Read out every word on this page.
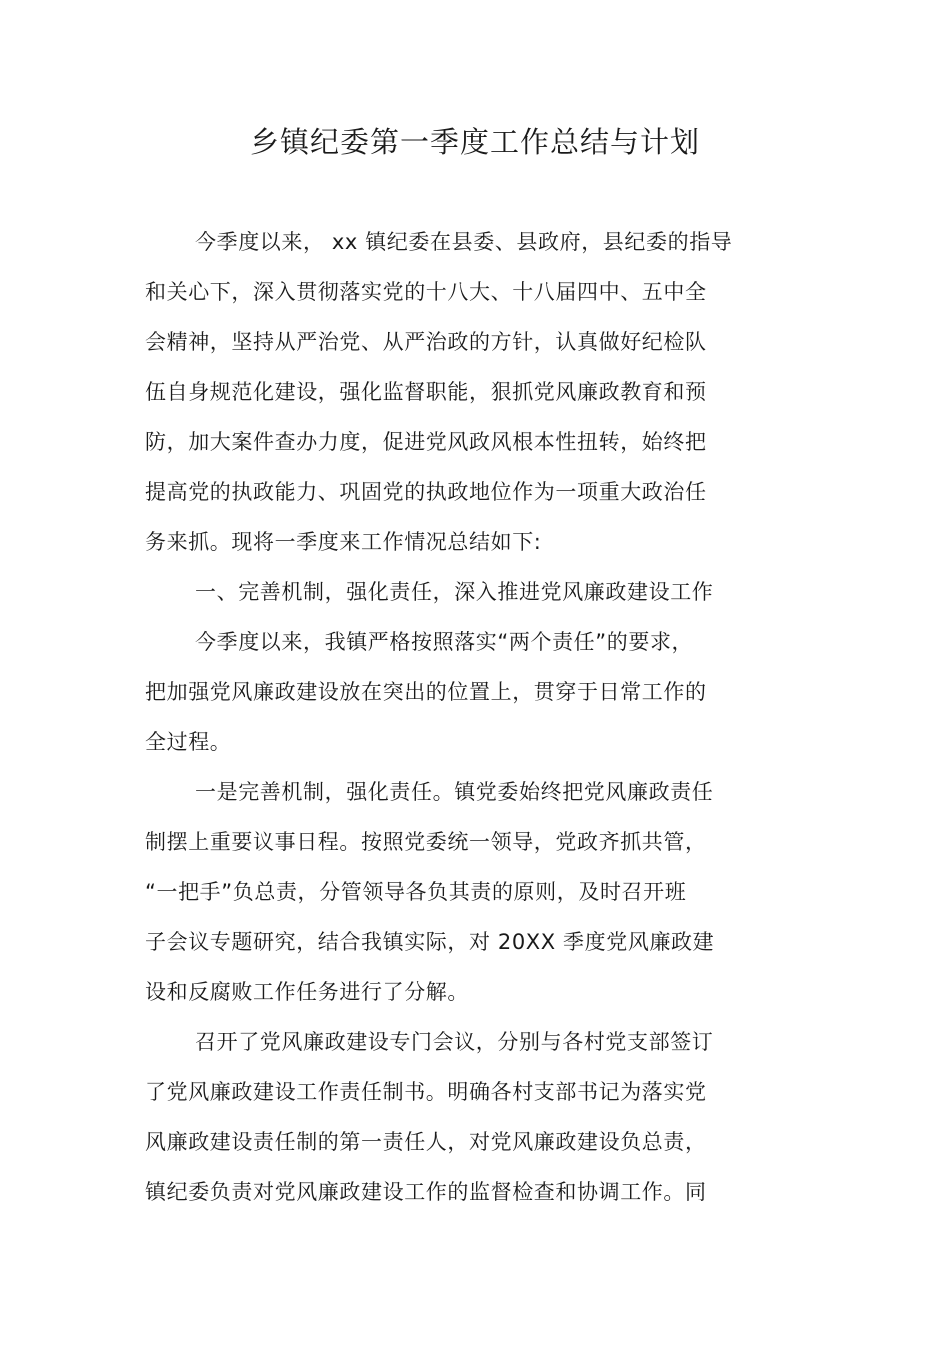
乡镇纪委第一季度工作总结与计划
今季度以来， xx 镇纪委在县委、县政府，县纪委的指导
和关心下，深入贯彻落实党的十八大、十八届四中、五中全
会精神，坚持从严治党、从严治政的方针，认真做好纪检队
伍自身规范化建设，强化监督职能，狠抓党风廉政教育和预
防，加大案件查办力度，促进党风政风根本性扭转，始终把
提高党的执政能力、巩固党的执政地位作为一项重大政治任
务来抓。现将一季度来工作情况总结如下:
一、完善机制，强化责任，深入推进党风廉政建设工作
今季度以来，我镇严格按照落实“两个责任”的要求，
把加强党风廉政建设放在突出的位置上，贯穿于日常工作的
全过程。
一是完善机制，强化责任。镇党委始终把党风廉政责任
制摆上重要议事日程。按照党委统一领导，党政齐抓共管，
“一把手”负总责，分管领导各负其责的原则，及时召开班
子会议专题研究，结合我镇实际，对 20XX 季度党风廉政建
设和反腐败工作任务进行了分解。
召开了党风廉政建设专门会议，分别与各村党支部签订
了党风廉政建设工作责任制书。明确各村支部书记为落实党
风廉政建设责任制的第一责任人，对党风廉政建设负总责，
镇纪委负责对党风廉政建设工作的监督检查和协调工作。同
